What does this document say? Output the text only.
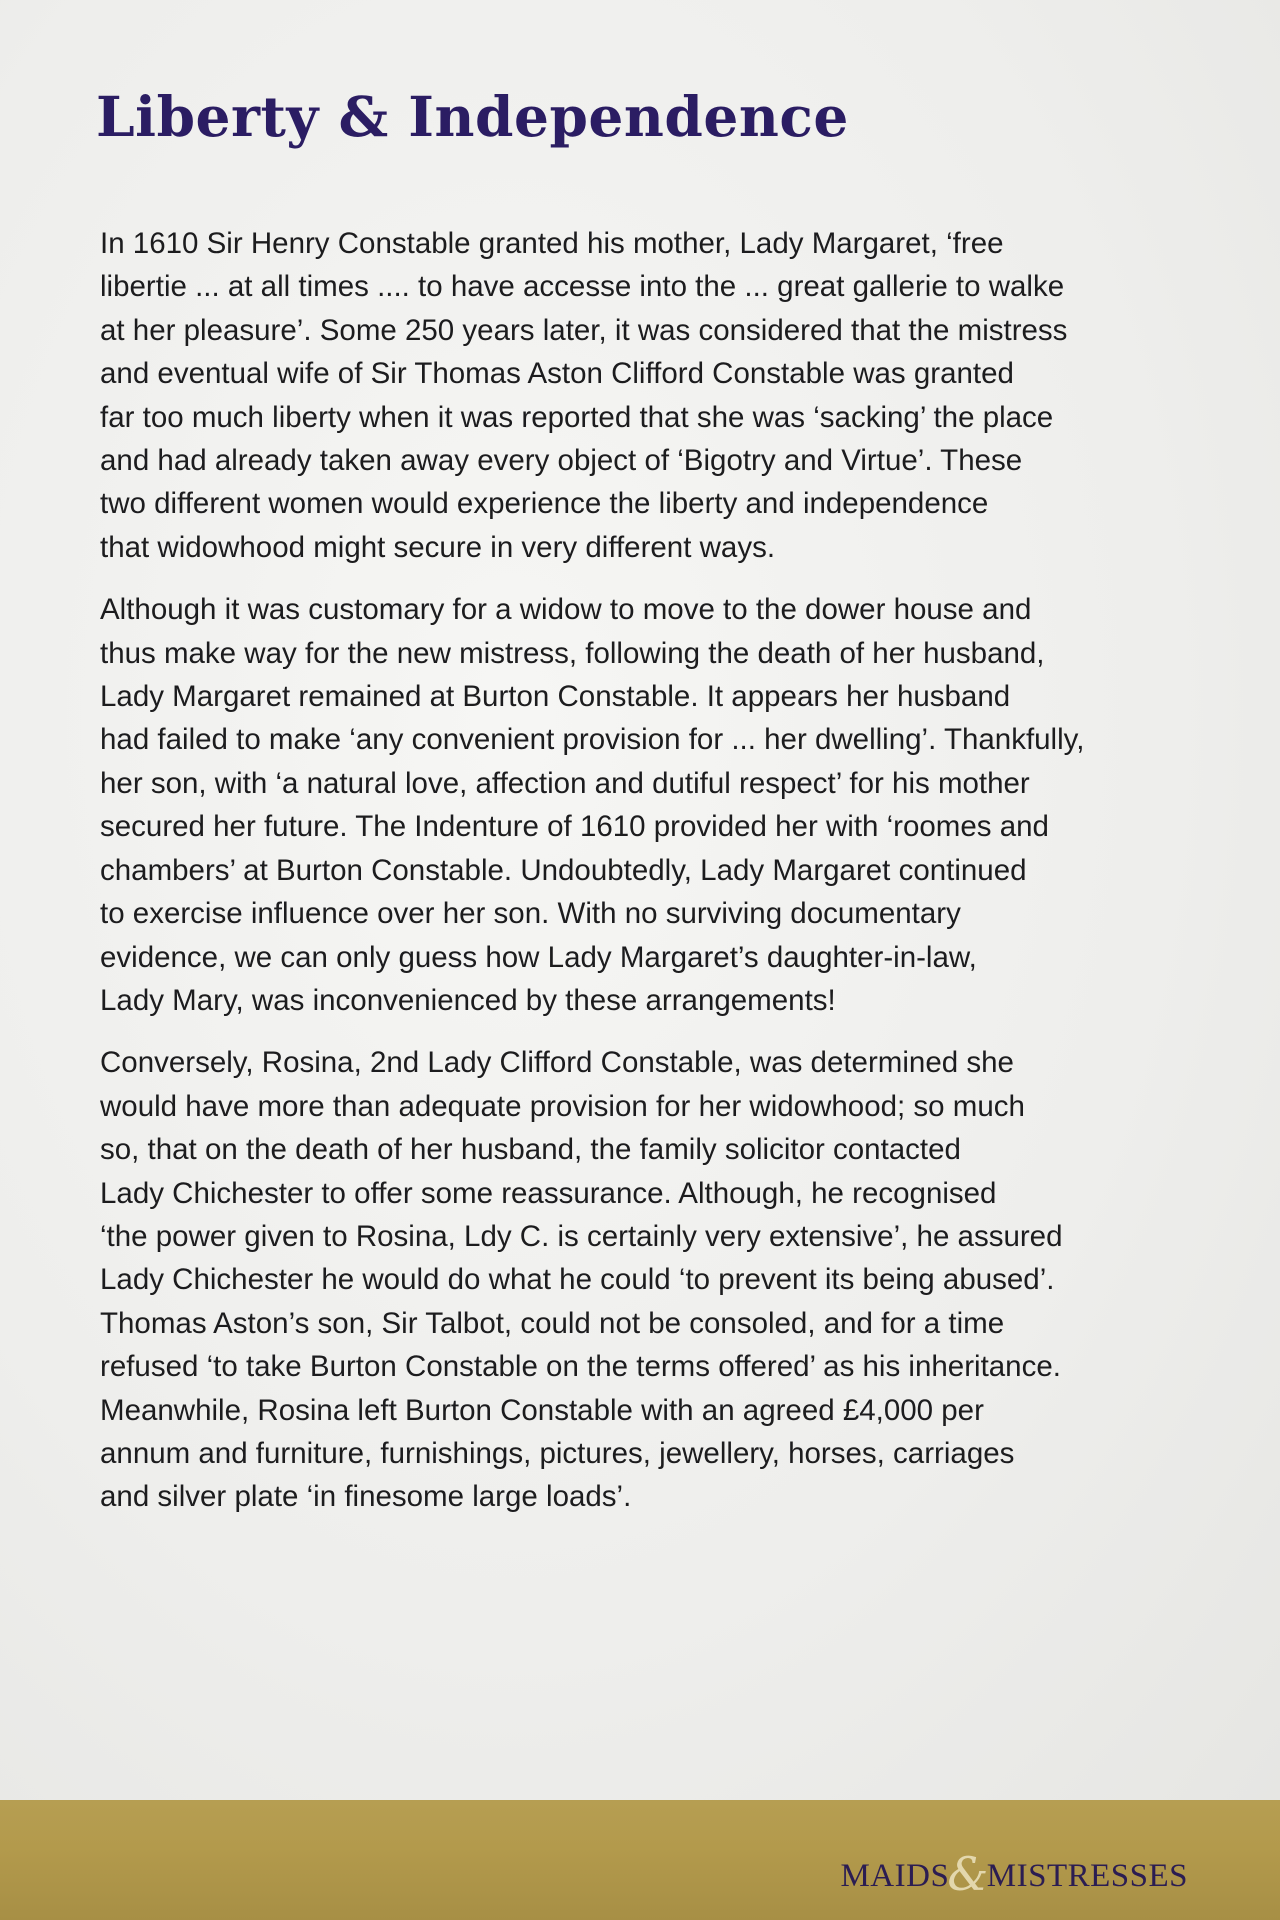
Liberty & Independence

In 1610 Sir Henry Constable granted his mother, Lady Margaret, ‘free
libertie ... at all times .... to have accesse into the ... great gallerie to walke
at her pleasure’. Some 250 years later, it was considered that the mistress
and eventual wife of Sir Thomas Aston Clifford Constable was granted
far too much liberty when it was reported that she was ‘sacking’ the place
and had already taken away every object of ‘Bigotry and Virtue’. These
two different women would experience the liberty and independence
that widowhood might secure in very different ways.

Although it was customary for a widow to move to the dower house and
thus make way for the new mistress, following the death of her husband,
Lady Margaret remained at Burton Constable. It appears her husband
had failed to make ‘any convenient provision for ... her dwelling’. Thankfully,
her son, with ‘a natural love, affection and dutiful respect’ for his mother
secured her future. The Indenture of 1610 provided her with ‘roomes and
chambers’ at Burton Constable. Undoubtedly, Lady Margaret continued
to exercise influence over her son. With no surviving documentary
evidence, we can only guess how Lady Margaret’s daughter-in-law,
Lady Mary, was inconvenienced by these arrangements!

Conversely, Rosina, 2nd Lady Clifford Constable, was determined she
would have more than adequate provision for her widowhood; so much
so, that on the death of her husband, the family solicitor contacted
Lady Chichester to offer some reassurance. Although, he recognised
‘the power given to Rosina, Ldy C. is certainly very extensive’, he assured
Lady Chichester he would do what he could ‘to prevent its being abused’.
Thomas Aston’s son, Sir Talbot, could not be consoled, and for a time
refused ‘to take Burton Constable on the terms offered’ as his inheritance.
Meanwhile, Rosina left Burton Constable with an agreed £4,000 per
annum and furniture, furnishings, pictures, jewellery, horses, carriages
and silver plate ‘in finesome large loads’.

MAIDS&MISTRESSES
